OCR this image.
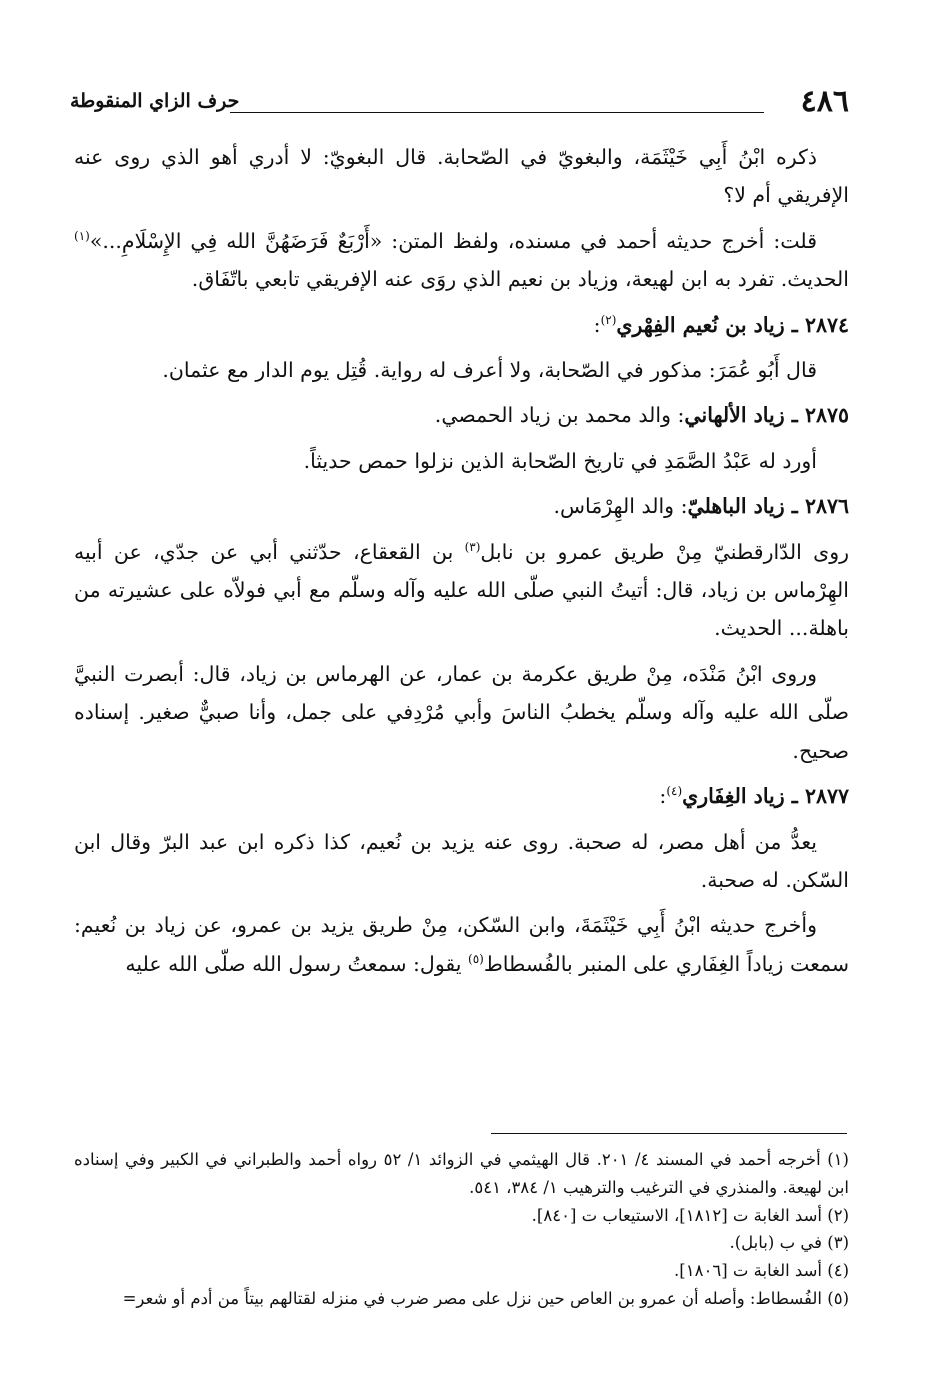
٤٨٦
حرف الزاي المنقوطة

ذكره ابْنُ أَبِي خَيْثَمَة، والبغويّ في الصّحابة. قال البغويّ: لا أدري أهو الذي روى عنه الإفريقي أم لا؟

قلت: أخرج حديثه أحمد في مسنده، ولفظ المتن: «أَرْبَعٌ فَرَضَهُنَّ الله فِي الإِسْلَامِ...»$^{(١)}$ الحديث. تفرد به ابن لهيعة، وزياد بن نعيم الذي روَى عنه الإفريقي تابعي باتّفَاق.

٢٨٧٤ ـ زياد بن نُعيم الفِهْري$^{(٢)}$:

قال أَبُو عُمَرَ: مذكور في الصّحابة، ولا أعرف له رواية. قُتِل يوم الدار مع عثمان.

٢٨٧٥ ـ زياد الألهاني: والد محمد بن زياد الحمصي.

أورد له عَبْدُ الصَّمَدِ في تاريخ الصّحابة الذين نزلوا حمص حديثاً.

٢٨٧٦ ـ زياد الباهليّ: والد الهِرْمَاس.

روى الدّارقطنيّ مِنْ طريق عمرو بن نابل$^{(٣)}$ بن القعقاع، حدّثني أبي عن جدّي، عن أبيه الهِرْماس بن زياد، قال: أتيتُ النبي صلّى الله عليه وآله وسلّم مع أبي فولاّه على عشيرته من باهلة... الحديث.

وروى ابْنُ مَنْدَه، مِنْ طريق عكرمة بن عمار، عن الهرماس بن زياد، قال: أبصرت النبيَّ صلّى الله عليه وآله وسلّم يخطبُ الناسَ وأبي مُرْدِفي على جمل، وأنا صبيٌّ صغير. إسناده صحيح.

٢٨٧٧ ـ زياد الغِفَاري$^{(٤)}$:

يعدُّ من أهل مصر، له صحبة. روى عنه يزيد بن نُعيم، كذا ذكره ابن عبد البرّ وقال ابن السّكن. له صحبة.

وأخرج حديثه ابْنُ أَبِي خَيْثَمَةَ، وابن السّكن، مِنْ طريق يزيد بن عمرو، عن زياد بن نُعيم: سمعت زياداً الغِفَاري على المنبر بالفُسطاط$^{(٥)}$ يقول: سمعتُ رسول الله صلّى الله عليه

(١) أخرجه أحمد في المسند ٤/ ٢٠١. قال الهيثمي في الزوائد ١/ ٥٢ رواه أحمد والطبراني في الكبير وفي إسناده ابن لهيعة. والمنذري في الترغيب والترهيب ١/ ٣٨٤، ٥٤١.

(٢) أسد الغابة ت [١٨١٢]، الاستيعاب ت [٨٤٠].

(٣) في ب (بابل).

(٤) أسد الغابة ت [١٨٠٦].

(٥) الفُسطاط: وأصله أن عمرو بن العاص حين نزل على مصر ضرب في منزله لقتالهم بيتاً من أدم أو شعر=
